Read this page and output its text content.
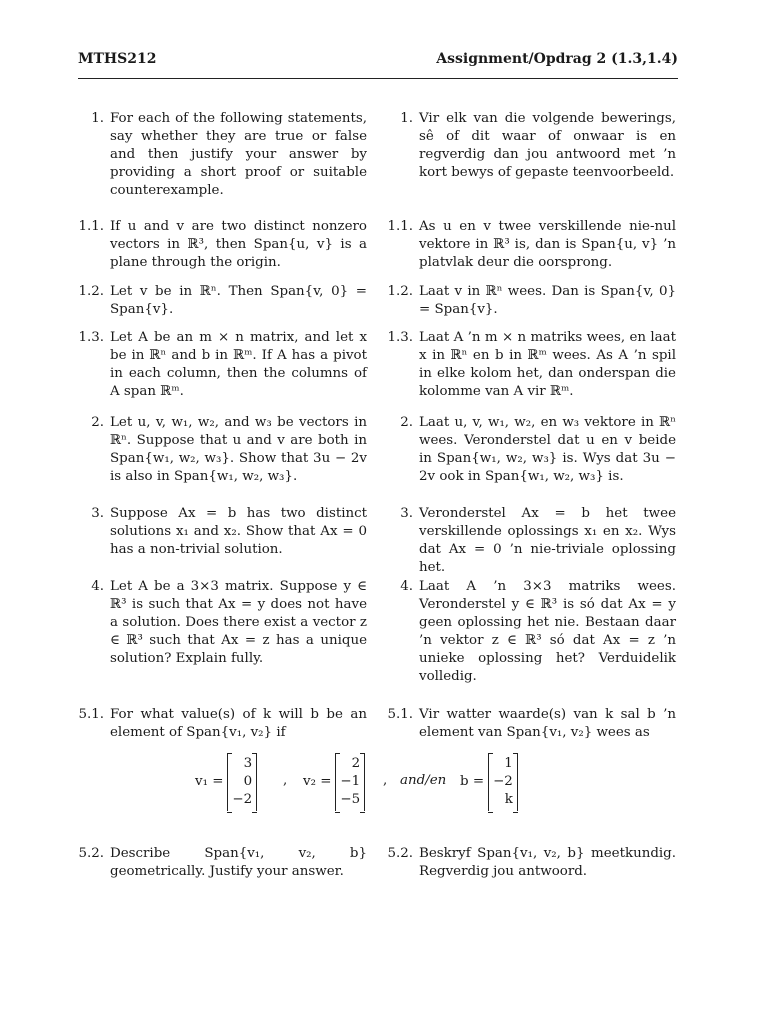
MTHS212	Assignment/Opdrag 2 (1.3,1.4)
1. For each of the following statements, say whether they are true or false and then justify your answer by providing a short proof or suitable counterexample.
1. Vir elk van die volgende bewerings, sê of dit waar of onwaar is en regverdig dan jou antwoord met ’n kort bewys of gepaste teenvoorbeeld.
1.1. If u and v are two distinct nonzero vectors in ℝ³, then Span{u, v} is a plane through the origin.
1.1. As u en v twee verskillende nie-nul vektore in ℝ³ is, dan is Span{u, v} ’n platvlak deur die oorsprong.
1.2. Let v be in ℝⁿ. Then Span{v, 0} = Span{v}.
1.2. Laat v in ℝⁿ wees. Dan is Span{v, 0} = Span{v}.
1.3. Let A be an m × n matrix, and let x be in ℝⁿ and b in ℝᵐ. If A has a pivot in each column, then the columns of A span ℝᵐ.
1.3. Laat A ’n m × n matriks wees, en laat x in ℝⁿ en b in ℝᵐ wees. As A ’n spil in elke kolom het, dan onderspan die kolomme van A vir ℝᵐ.
2. Let u, v, w₁, w₂, and w₃ be vectors in ℝⁿ. Suppose that u and v are both in Span{w₁, w₂, w₃}. Show that 3u − 2v is also in Span{w₁, w₂, w₃}.
2. Laat u, v, w₁, w₂, en w₃ vektore in ℝⁿ wees. Veronderstel dat u en v beide in Span{w₁, w₂, w₃} is. Wys dat 3u − 2v ook in Span{w₁, w₂, w₃} is.
3. Suppose Ax = b has two distinct solutions x₁ and x₂. Show that Ax = 0 has a non-trivial solution.
3. Veronderstel Ax = b het twee verskillende oplossings x₁ en x₂. Wys dat Ax = 0 ’n nie-triviale oplossing het.
4. Let A be a 3×3 matrix. Suppose y ∈ ℝ³ is such that Ax = y does not have a solution. Does there exist a vector z ∈ ℝ³ such that Ax = z has a unique solution? Explain fully.
4. Laat A ’n 3×3 matriks wees. Veronderstel y ∈ ℝ³ is só dat Ax = y geen oplossing het nie. Bestaan daar ’n vektor z ∈ ℝ³ só dat Ax = z ’n unieke oplossing het? Verduidelik volledig.
5.1. For what value(s) of k will b be an element of Span{v₁, v₂} if
5.1. Vir watter waarde(s) van k sal b ’n element van Span{v₁, v₂} wees as
5.2. Describe Span{v₁, v₂, b} geometrically. Justify your answer.
5.2. Beskryf Span{v₁, v₂, b} meetkundig. Regverdig jou antwoord.
v₁ =
3
0
−2
, v₂ =
2
−1
−5
, and/en b =
1
−2
k
